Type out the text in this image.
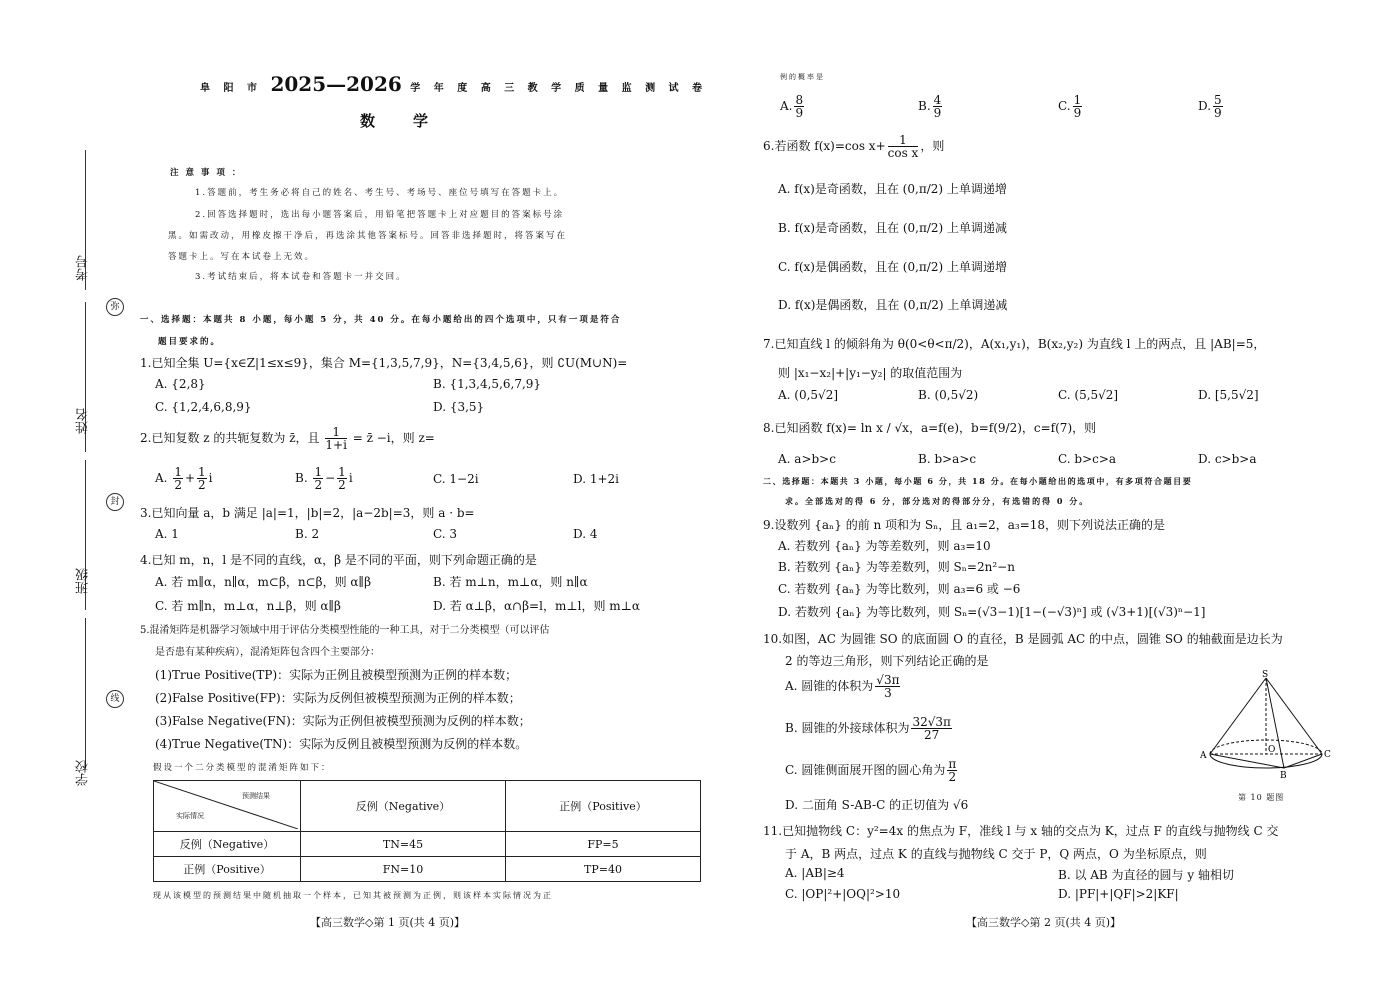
阜 阳 市 2025—2026 学 年 度 高 三 教 学 质 量 监 测 试 卷
数学
考号
姓名
班级
学校
弥
封
线
注 意 事 项 ：
1.答题前，考生务必将自己的姓名、考生号、考场号、座位号填写在答题卡上。
2.回答选择题时，选出每小题答案后，用铅笔把答题卡上对应题目的答案标号涂
黑。如需改动，用橡皮擦干净后，再选涂其他答案标号。回答非选择题时，将答案写在
答题卡上。写在本试卷上无效。
3.考试结束后，将本试卷和答题卡一并交回。
一、选择题：本题共 8 小题，每小题 5 分，共 40 分。在每小题给出的四个选项中，只有一项是符合
题目要求的。
1.已知全集 U={x∈Z|1≤x≤9}，集合 M={1,3,5,7,9}，N={3,4,5,6}，则 ∁U(M∪N)=
A. {2,8}	B. {1,3,4,5,6,7,9}
C. {1,2,4,6,8,9}	D. {3,5}
2.已知复数 z 的共轭复数为 z̄，且 $\frac{1}{1+i}$ = z̄ −i，则 z=
A. $\frac{1}{2} + \frac{1}{2}$ i	B. $\frac{1}{2} - \frac{1}{2}$ i	C. 1−2i	D. 1+2i
3.已知向量 a，b 满足 |a|=1，|b|=2，|a−2b|=3，则 a · b=
A. 1	B. 2	C. 3	D. 4
4.已知 m，n，l 是不同的直线，α，β 是不同的平面，则下列命题正确的是
A. 若 m∥α，n∥α，m⊂β，n⊂β，则 α∥β	B. 若 m⊥n，m⊥α，则 n∥α
C. 若 m∥n，m⊥α，n⊥β，则 α∥β	D. 若 α⊥β，α∩β=l，m⊥l，则 m⊥α
5.混淆矩阵是机器学习领域中用于评估分类模型性能的一种工具，对于二分类模型（可以评估
是否患有某种疾病），混淆矩阵包含四个主要部分：
(1)True Positive(TP)：实际为正例且被模型预测为正例的样本数；
(2)False Positive(FP)：实际为反例但被模型预测为正例的样本数；
(3)False Negative(FN)：实际为正例但被模型预测为反例的样本数；
(4)True Negative(TN)：实际为反例且被模型预测为反例的样本数。
假设一个二分类模型的混淆矩阵如下：
预测结果
实际情况	反例（Negative）	正例（Positive）
反例（Negative）	TN=45	FP=5
正例（Positive）	FN=10	TP=40
现从该模型的预测结果中随机抽取一个样本，已知其被预测为正例，则该样本实际情况为正
【高三数学◇第 1 页(共 4 页)】
例的概率是
A. $\frac{8}{9}$	B. $\frac{4}{9}$	C. $\frac{1}{9}$	D. $\frac{5}{9}$
6.若函数 f(x)=cos $x+ \frac{1}{\text{cos x}}$ ，则
A. f(x)是奇函数，且在 (0,π/2) 上单调递增
B. f(x)是奇函数，且在 (0,π/2) 上单调递减
C. f(x)是偶函数，且在 (0,π/2) 上单调递增
D. f(x)是偶函数，且在 (0,π/2) 上单调递减
7.已知直线 l 的倾斜角为 θ(0<θ<π/2)，A(x₁,y₁)，B(x₂,y₂) 为直线 l 上的两点，且 |AB|=5，
则 |x₁−x₂|+|y₁−y₂| 的取值范围为
A. (0,5√2]	B. (0,5√2)	C. (5,5√2]	D. [5,5√2]
8.已知函数 f(x)= ln x / √x，a=f(e)，b=f(9/2)，c=f(7)，则
A. a>b>c	B. b>a>c	C. b>c>a	D. c>b>a
二、选择题：本题共 3 小题，每小题 6 分，共 18 分。在每小题给出的选项中，有多项符合题目要
求。全部选对的得 6 分，部分选对的得部分分，有选错的得 0 分。
9.设数列 {aₙ} 的前 n 项和为 Sₙ，且 a₁=2，a₃=18，则下列说法正确的是
A. 若数列 {aₙ} 为等差数列，则 a₃=10
B. 若数列 {aₙ} 为等差数列，则 Sₙ=2n²−n
C. 若数列 {aₙ} 为等比数列，则 a₃=6 或 −6
D. 若数列 {aₙ} 为等比数列，则 Sₙ=(√3−1)[1−(−√3)ⁿ] 或 (√3+1)[(√3)ⁿ−1]
10.如图，AC 为圆锥 SO 的底面圆 O 的直径，B 是圆弧 AC 的中点，圆锥 SO 的轴截面是边长为
2 的等边三角形，则下列结论正确的是
A. 圆锥的体积为 $\frac{√3\pi}{3}$
B. 圆锥的外接球体积为 $\frac{32√3\pi}{27}$
C. 圆锥侧面展开图的圆心角为 $\frac{\pi}{2}$
D. 二面角 S-AB-C 的正切值为 √6
S
A	C
B
O
第 10 题图
11.已知抛物线 C：y²=4x 的焦点为 F，准线 l 与 x 轴的交点为 K，过点 F 的直线与抛物线 C 交
于 A，B 两点，过点 K 的直线与抛物线 C 交于 P，Q 两点，O 为坐标原点，则
A. |AB|≥4	B. 以 AB 为直径的圆与 y 轴相切
C. |OP|²+|OQ|²>10	D. |PF|+|QF|>2|KF|
【高三数学◇第 2 页(共 4 页)】
